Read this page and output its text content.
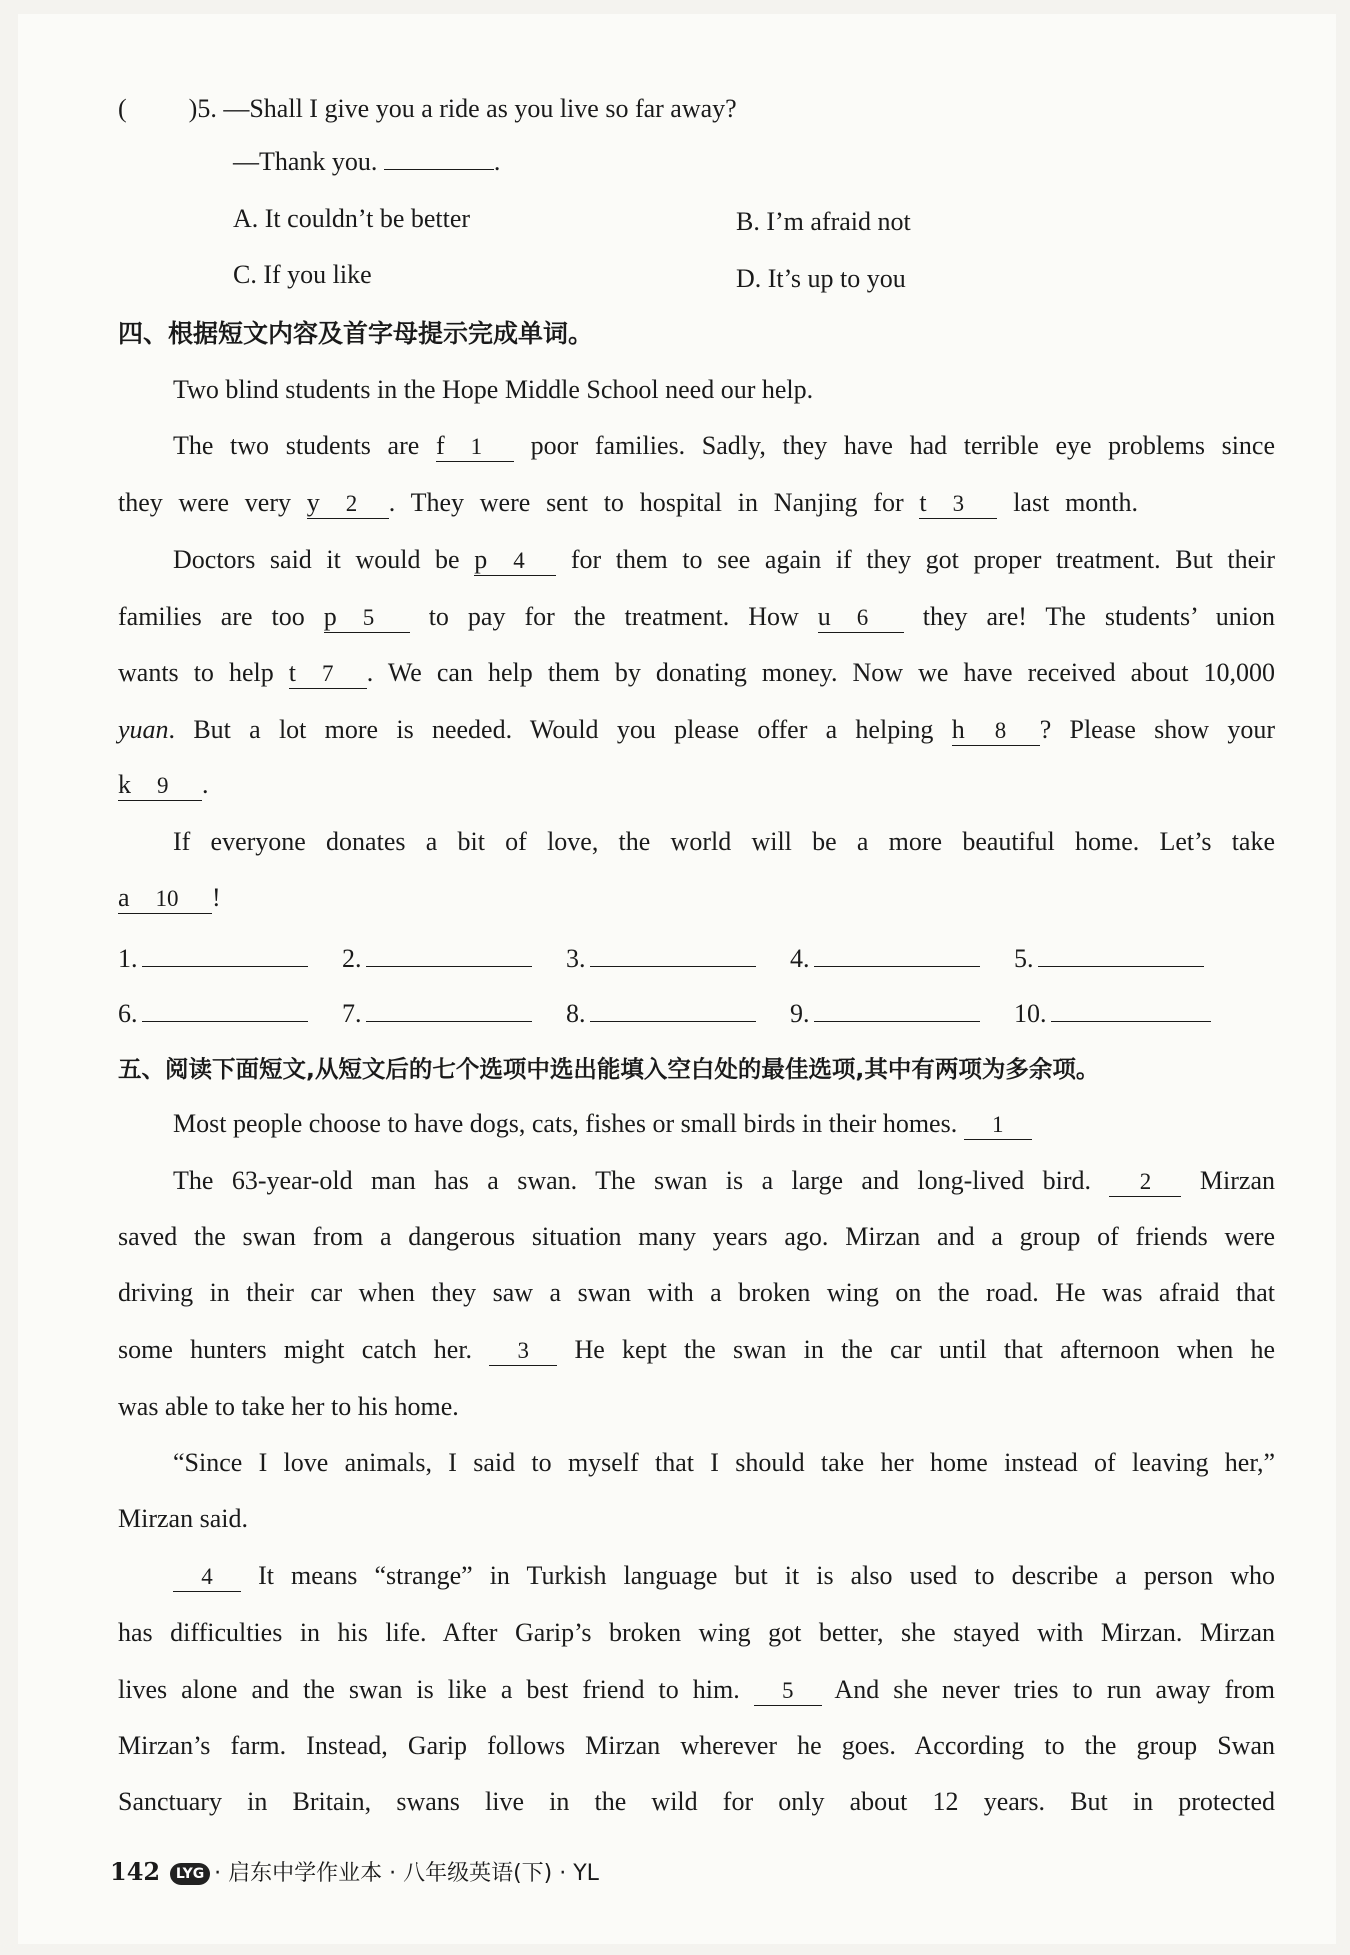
( )5. —Shall I give you a ride as you live so far away?
—Thank you.	.
A. It couldn’t be better	B. I’m afraid not
C. If you like	D. It’s up to you
四、根据短文内容及首字母提示完成单词。
Two blind students in the Hope Middle School need our help.
The two students are f 1 poor families. Sadly, they have had terrible eye problems since
they were very y 2 . They were sent to hospital in Nanjing for t 3 last month.
Doctors said it would be p 4 for them to see again if they got proper treatment. But their
families are too p 5 to pay for the treatment. How u 6 they are! The students’ union
wants to help t 7 . We can help them by donating money. Now we have received about 10,000
yuan. But a lot more is needed. Would you please offer a helping h 8 ? Please show your
k 9 .
If everyone donates a bit of love, the world will be a more beautiful home. Let’s take
a 10 !
1.	2.	3.	4.	5.
6.	7.	8.	9.	10.
五、阅读下面短文,从短文后的七个选项中选出能填入空白处的最佳选项,其中有两项为多余项。
Most people choose to have dogs, cats, fishes or small birds in their homes. 1
The 63-year-old man has a swan. The swan is a large and long-lived bird. 2 Mirzan
saved the swan from a dangerous situation many years ago. Mirzan and a group of friends were
driving in their car when they saw a swan with a broken wing on the road. He was afraid that
some hunters might catch her. 3 He kept the swan in the car until that afternoon when he
was able to take her to his home.
“Since I love animals, I said to myself that I should take her home instead of leaving her,”
Mirzan said.
4 It means “strange” in Turkish language but it is also used to describe a person who
has difficulties in his life. After Garip’s broken wing got better, she stayed with Mirzan. Mirzan
lives alone and the swan is like a best friend to him. 5 And she never tries to run away from
Mirzan’s farm. Instead, Garip follows Mirzan wherever he goes. According to the group Swan
Sanctuary in Britain, swans live in the wild for only about 12 years. But in protected
142 LYG · 启东中学作业本 · 八年级英语(下) · YL
